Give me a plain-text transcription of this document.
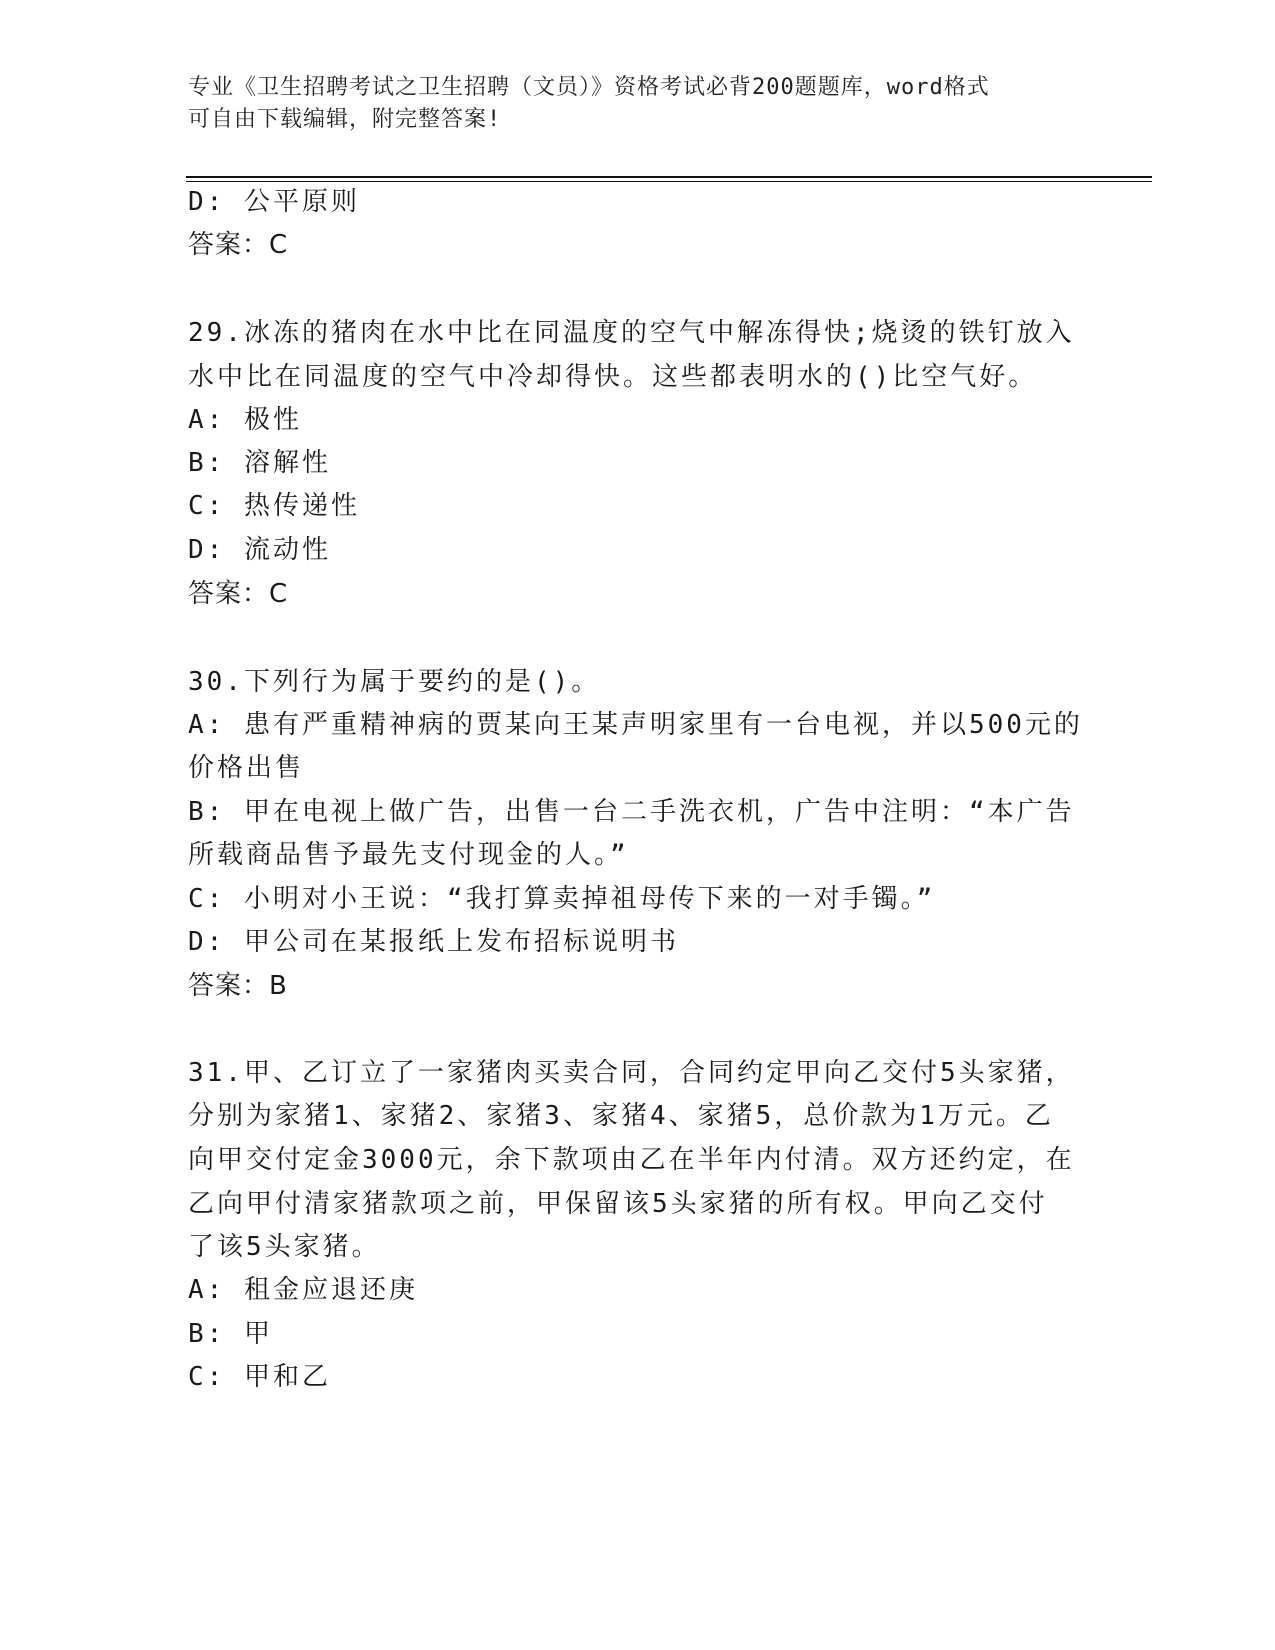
专业《卫生招聘考试之卫生招聘（文员）》资格考试必背200题题库，word格式
可自由下载编辑，附完整答案!
D: 公平原则
答案：C
29.冰冻的猪肉在水中比在同温度的空气中解冻得快;烧烫的铁钉放入
水中比在同温度的空气中冷却得快。这些都表明水的()比空气好。
A: 极性
B: 溶解性
C: 热传递性
D: 流动性
答案：C
30.下列行为属于要约的是()。
A: 患有严重精神病的贾某向王某声明家里有一台电视，并以500元的
价格出售
B: 甲在电视上做广告，出售一台二手洗衣机，广告中注明：“本广告
所载商品售予最先支付现金的人。”
C: 小明对小王说：“我打算卖掉祖母传下来的一对手镯。”
D: 甲公司在某报纸上发布招标说明书
答案：B
31.甲、乙订立了一家猪肉买卖合同，合同约定甲向乙交付5头家猪，
分别为家猪1、家猪2、家猪3、家猪4、家猪5，总价款为1万元。乙
向甲交付定金3000元，余下款项由乙在半年内付清。双方还约定，在
乙向甲付清家猪款项之前，甲保留该5头家猪的所有权。甲向乙交付
了该5头家猪。
A: 租金应退还庚
B: 甲
C: 甲和乙
